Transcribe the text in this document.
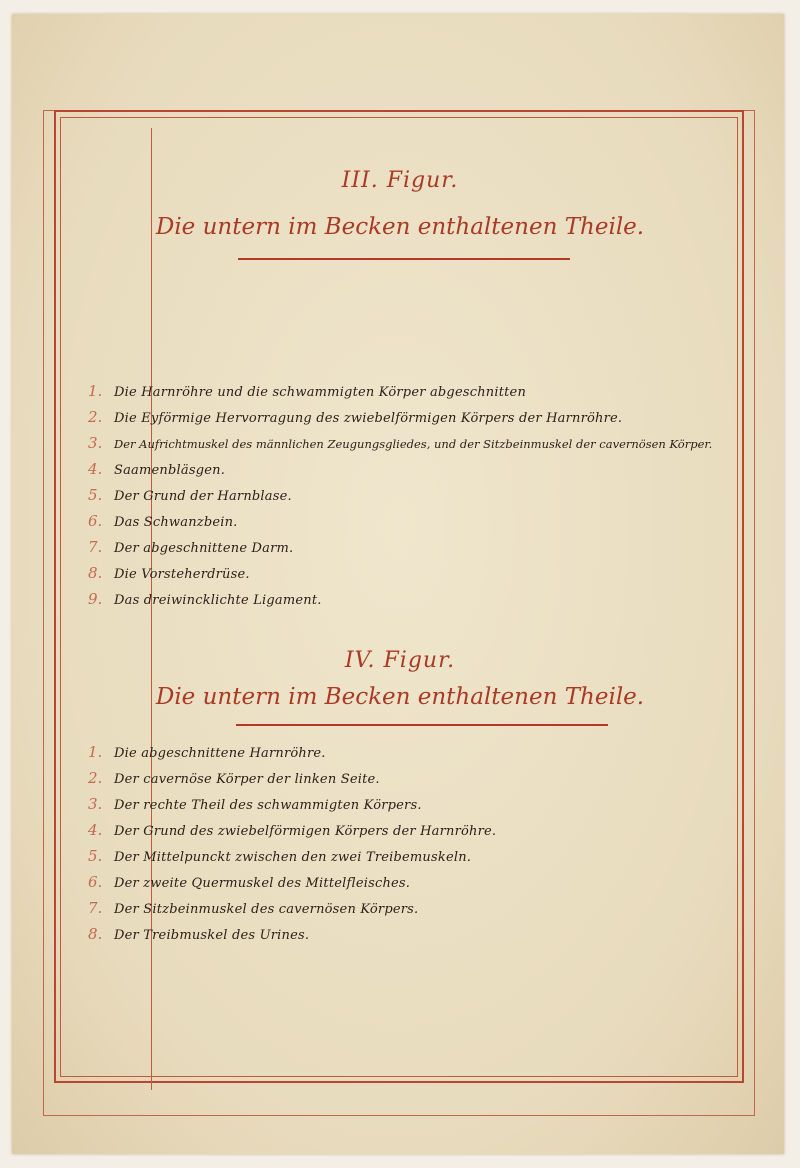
III. Figur.
Die untern im Becken enthaltenen Theile.
1. Die Harnröhre und die schwammigten Körper abgeschnitten
2. Die Eyförmige Hervorragung des zwiebelförmigen Körpers der Harnröhre.
3.	Der Aufrichtmuskel des männlichen Zeugungsgliedes, und der Sitzbeinmuskel der cavernösen Körper.
4. Saamenbläsgen.
5. Der Grund der Harnblase.
6. Das Schwanzbein.
7. Der abgeschnittene Darm.
8. Die Vorsteherdrüse.
9. Das dreiwincklichte Ligament.
IV. Figur.
Die untern im Becken enthaltenen Theile.
1. Die abgeschnittene Harnröhre.
2. Der cavernöse Körper der linken Seite.
3. Der rechte Theil des schwammigten Körpers.
4. Der Grund des zwiebelförmigen Körpers der Harnröhre.
5. Der Mittelpunckt zwischen den zwei Treibemuskeln.
6. Der zweite Quermuskel des Mittelfleisches.
7. Der Sitzbeinmuskel des cavernösen Körpers.
8. Der Treibmuskel des Urines.
